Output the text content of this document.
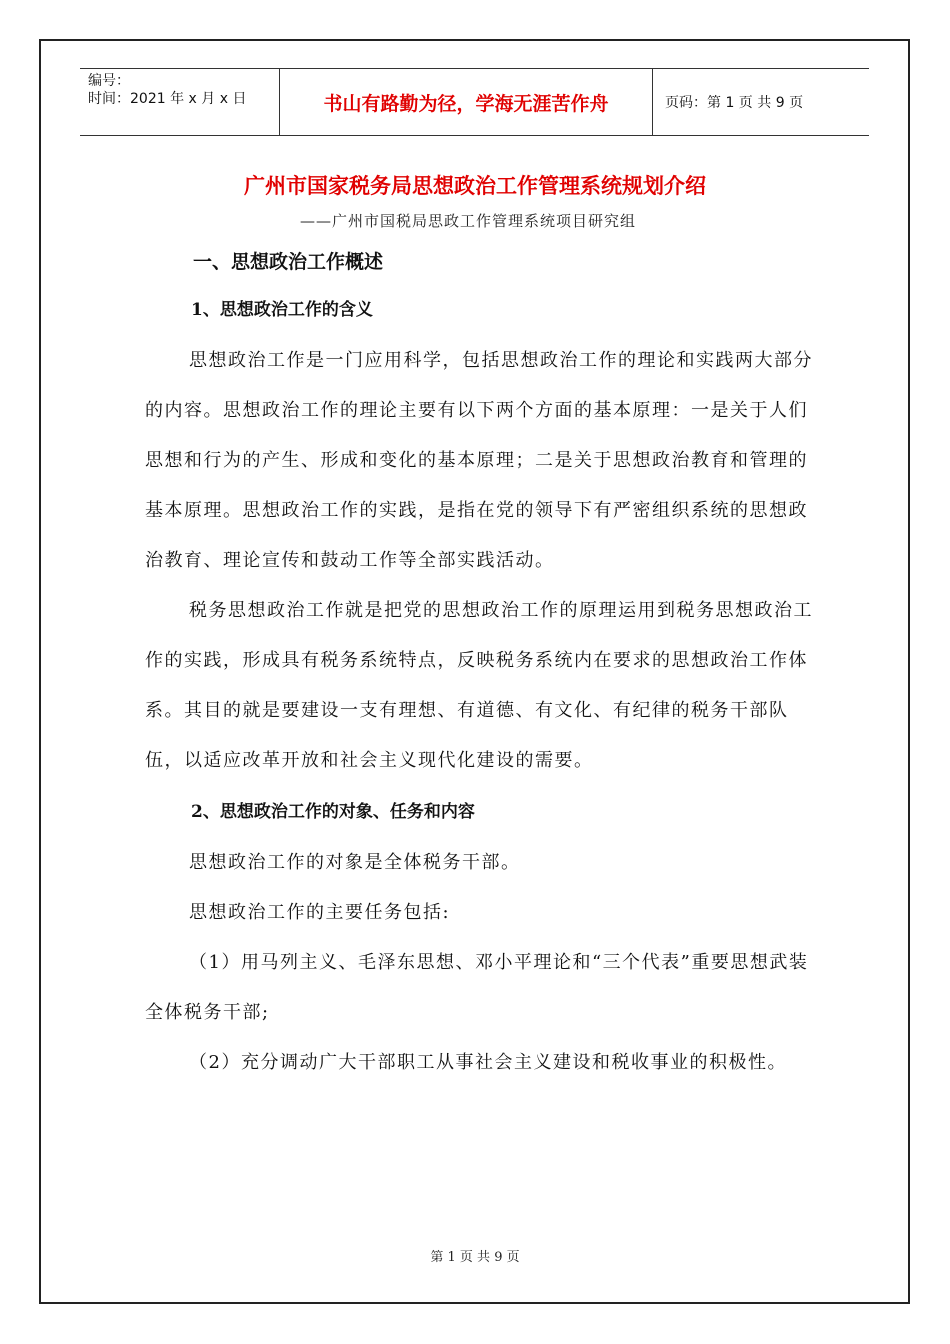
编号：
时间：2021 年 x 月 x 日	书山有路勤为径，学海无涯苦作舟	页码：第 1 页 共 9 页
广州市国家税务局思想政治工作管理系统规划介绍
——广州市国税局思政工作管理系统项目研究组
一、思想政治工作概述
1、思想政治工作的含义

思想政治工作是一门应用科学，包括思想政治工作的理论和实践两大部分的内容。思想政治工作的理论主要有以下两个方面的基本原理：一是关于人们思想和行为的产生、形成和变化的基本原理；二是关于思想政治教育和管理的基本原理。思想政治工作的实践，是指在党的领导下有严密组织系统的思想政治教育、理论宣传和鼓动工作等全部实践活动。

税务思想政治工作就是把党的思想政治工作的原理运用到税务思想政治工作的实践，形成具有税务系统特点，反映税务系统内在要求的思想政治工作体系。其目的就是要建设一支有理想、有道德、有文化、有纪律的税务干部队伍，以适应改革开放和社会主义现代化建设的需要。

2、思想政治工作的对象、任务和内容

思想政治工作的对象是全体税务干部。

思想政治工作的主要任务包括:

（1）用马列主义、毛泽东思想、邓小平理论和“三个代表”重要思想武装全体税务干部;

（2）充分调动广大干部职工从事社会主义建设和税收事业的积极性。

第 1 页 共 9 页
